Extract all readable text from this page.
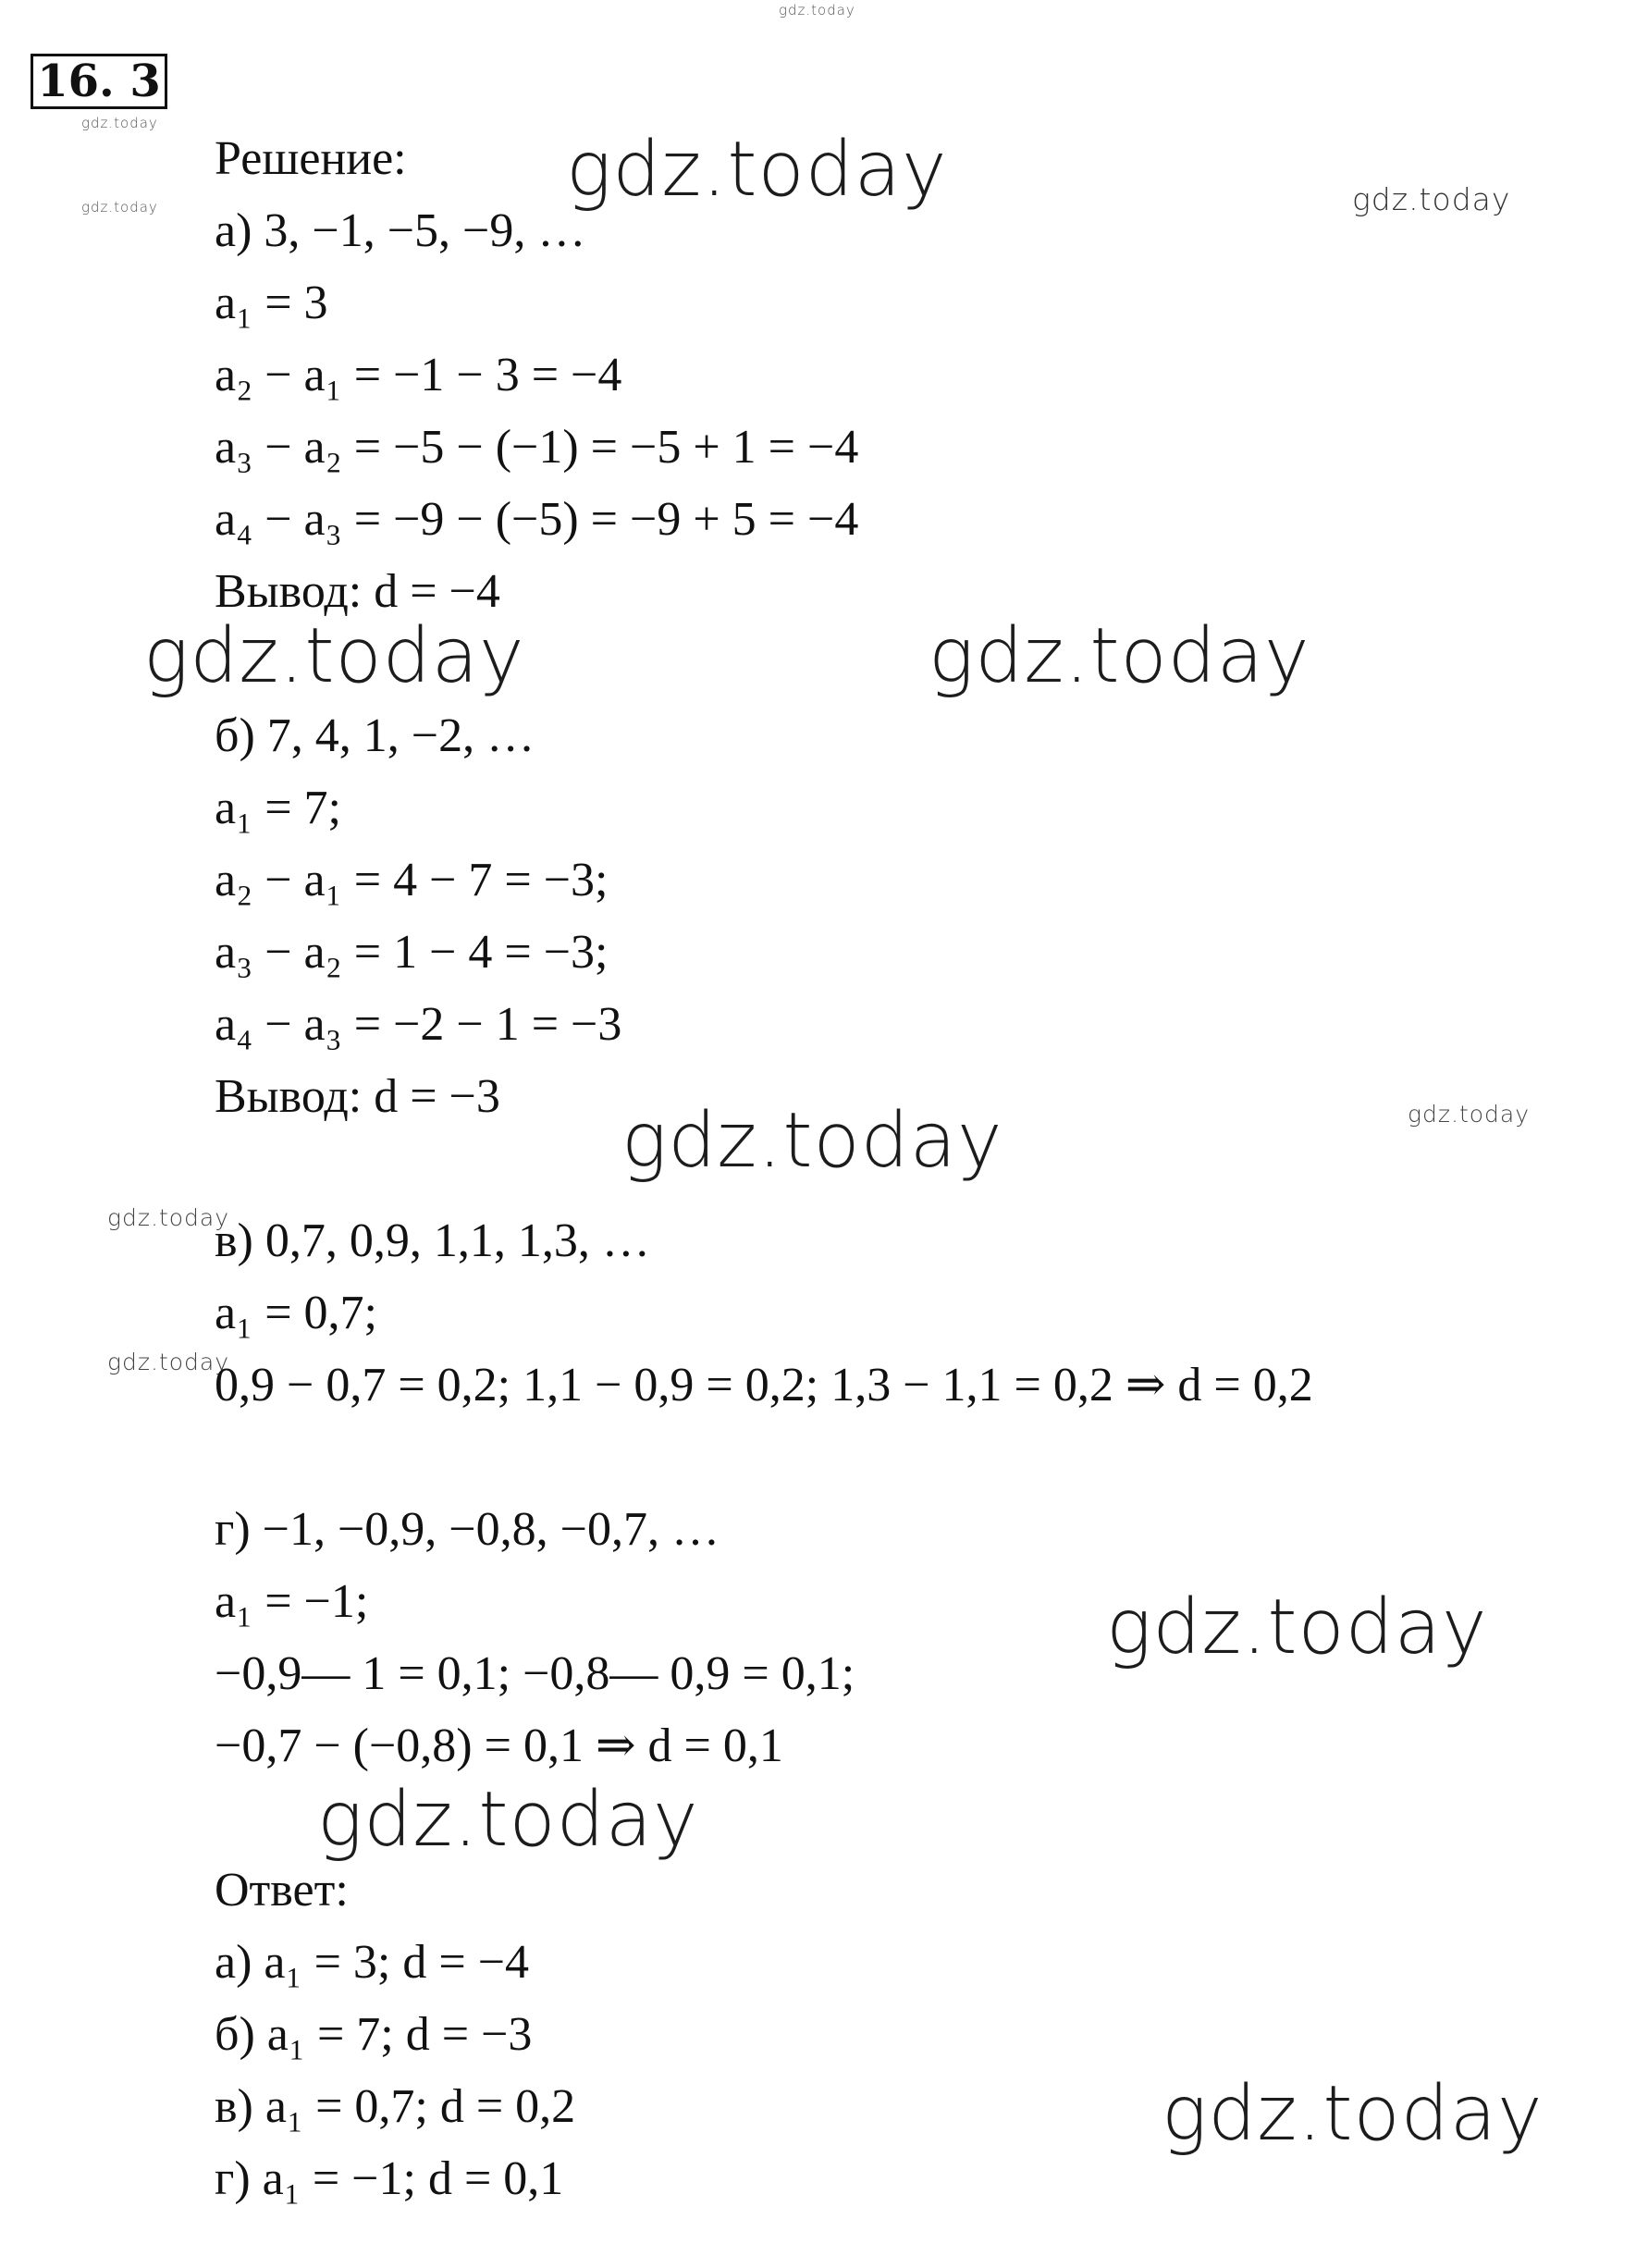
gdz.today
gdz.today
gdz.today	gdz.today	gdz.today
gdz.today	gdz.today
gdz.today	gdz.today
gdz.today
gdz.today
gdz.today
gdz.today
gdz.today
16. 3
Решение:
а) 3, −1, −5, −9, …
a₁ = 3
a₂ − a₁ = −1 − 3 = −4
a₃ − a₂ = −5 − (−1) = −5 + 1 = −4
a₄ − a₃ = −9 − (−5) = −9 + 5 = −4
Вывод: d = −4
б) 7, 4, 1, −2, …
a₁ = 7;
a₂ − a₁ = 4 − 7 = −3;
a₃ − a₂ = 1 − 4 = −3;
a₄ − a₃ = −2 − 1 = −3
Вывод: d = −3
в) 0,7, 0,9, 1,1, 1,3, …
a₁ = 0,7;
0,9 − 0,7 = 0,2; 1,1 − 0,9 = 0,2; 1,3 − 1,1 = 0,2 ⇒ d = 0,2
г) −1, −0,9, −0,8, −0,7, …
a₁ = −1;
−0,9— 1 = 0,1; −0,8— 0,9 = 0,1;
−0,7 − (−0,8) = 0,1 ⇒ d = 0,1
Ответ:
а) a₁ = 3; d = −4
б) a₁ = 7; d = −3
в) a₁ = 0,7; d = 0,2
г) a₁ = −1; d = 0,1
